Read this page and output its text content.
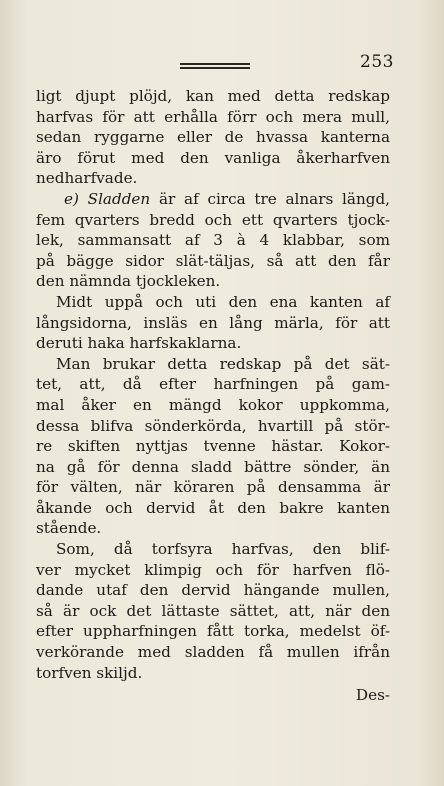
253
ligt djupt plöjd, kan med detta redskap
harfvas för att erhålla förr och mera mull,
sedan ryggarne eller de hvassa kanterna
äro förut med den vanliga åkerharfven
nedharfvade.
e) Sladden är af circa tre alnars längd,
fem qvarters bredd och ett qvarters tjock-
lek, sammansatt af 3 à 4 klabbar, som
på bägge sidor slät-täljas, så att den får
den nämnda tjockleken.
Midt uppå och uti den ena kanten af
långsidorna, insläs en lång märla, för att
deruti haka harfskaklarna.
Man brukar detta redskap på det sät-
tet, att, då efter harfningen på gam-
mal åker en mängd kokor uppkomma,
dessa blifva sönderkörda, hvartill på stör-
re skiften nyttjas tvenne hästar. Kokor-
na gå för denna sladd bättre sönder, än
för välten, när köraren på densamma är
åkande och dervid åt den bakre kanten
stående.
Som, då torfsyra harfvas, den blif-
ver mycket klimpig och för harfven flö-
dande utaf den dervid hängande mullen,
så är ock det lättaste sättet, att, när den
efter uppharfningen fått torka, medelst öf-
verkörande med sladden få mullen ifrån
torfven skiljd.
Des-
